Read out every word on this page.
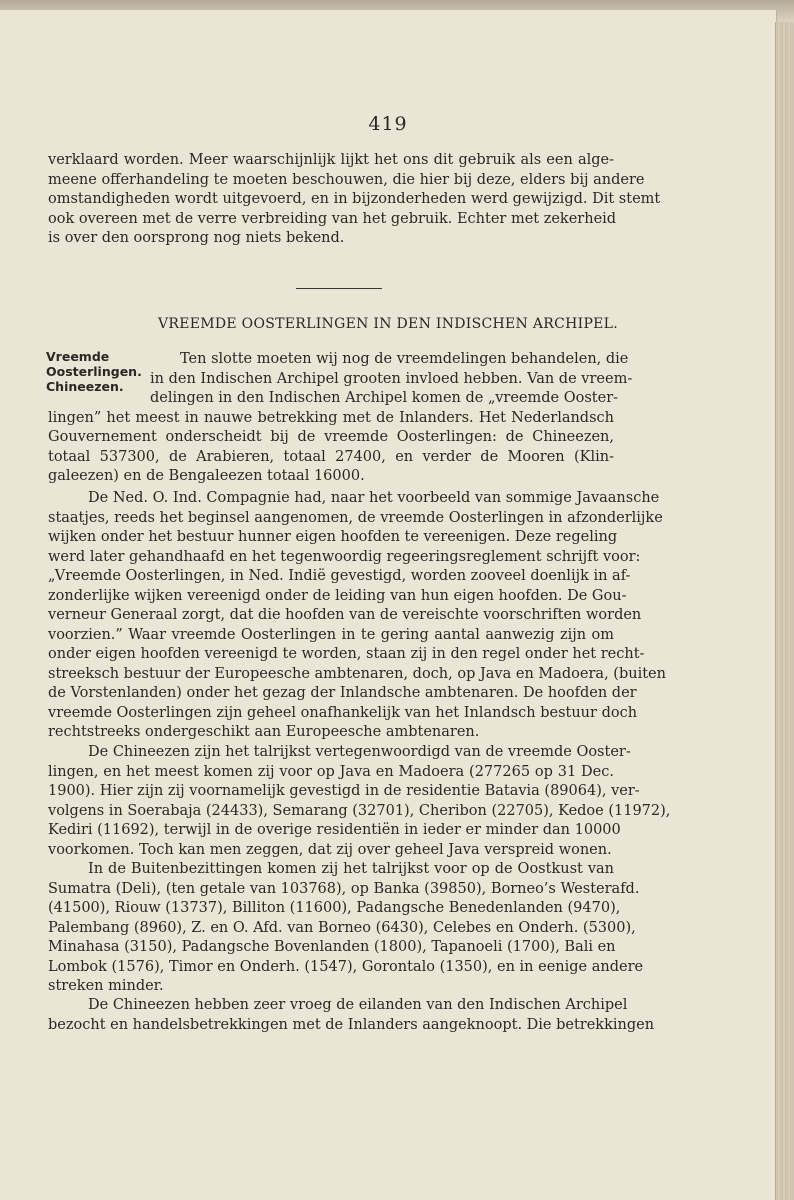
419
verklaard worden. Meer waarschijnlijk lijkt het ons dit gebruik als een alge-
meene offerhandeling te moeten beschouwen, die hier bij deze, elders bij andere
omstandigheden wordt uitgevoerd, en in bijzonderheden werd gewijzigd. Dit stemt
ook overeen met de verre verbreiding van het gebruik. Echter met zekerheid
is over den oorsprong nog niets bekend.
VREEMDE OOSTERLINGEN IN DEN INDISCHEN ARCHIPEL.
Vreemde Oosterlingen. Chineezen.
Ten slotte moeten wij nog de vreemdelingen behandelen, die
in den Indischen Archipel grooten invloed hebben. Van de vreem-
delingen in den Indischen Archipel komen de „vreemde Ooster-
lingen” het meest in nauwe betrekking met de Inlanders. Het Nederlandsch
Gouvernement onderscheidt bij de vreemde Oosterlingen: de Chineezen,
totaal 537300, de Arabieren, totaal 27400, en verder de Mooren (Klin-
galeezen) en de Bengaleezen totaal 16000.
De Ned. O. Ind. Compagnie had, naar het voorbeeld van sommige Javaansche
staatjes, reeds het beginsel aangenomen, de vreemde Oosterlingen in afzonderlijke
wijken onder het bestuur hunner eigen hoofden te vereenigen. Deze regeling
werd later gehandhaafd en het tegenwoordig regeeringsreglement schrijft voor:
„Vreemde Oosterlingen, in Ned. Indië gevestigd, worden zooveel doenlijk in af-
zonderlijke wijken vereenigd onder de leiding van hun eigen hoofden. De Gou-
verneur Generaal zorgt, dat die hoofden van de vereischte voorschriften worden
voorzien.” Waar vreemde Oosterlingen in te gering aantal aanwezig zijn om
onder eigen hoofden vereenigd te worden, staan zij in den regel onder het recht-
streeksch bestuur der Europeesche ambtenaren, doch, op Java en Madoera, (buiten
de Vorstenlanden) onder het gezag der Inlandsche ambtenaren. De hoofden der
vreemde Oosterlingen zijn geheel onafhankelijk van het Inlandsch bestuur doch
rechtstreeks ondergeschikt aan Europeesche ambtenaren.
De Chineezen zijn het talrijkst vertegenwoordigd van de vreemde Ooster-
lingen, en het meest komen zij voor op Java en Madoera (277265 op 31 Dec.
1900). Hier zijn zij voornamelijk gevestigd in de residentie Batavia (89064), ver-
volgens in Soerabaja (24433), Semarang (32701), Cheribon (22705), Kedoe (11972),
Kediri (11692), terwijl in de overige residentiën in ieder er minder dan 10000
voorkomen. Toch kan men zeggen, dat zij over geheel Java verspreid wonen.
In de Buitenbezittingen komen zij het talrijkst voor op de Oostkust van
Sumatra (Deli), (ten getale van 103768), op Banka (39850), Borneo’s Westerafd.
(41500), Riouw (13737), Billiton (11600), Padangsche Benedenlanden (9470),
Palembang (8960), Z. en O. Afd. van Borneo (6430), Celebes en Onderh. (5300),
Minahasa (3150), Padangsche Bovenlanden (1800), Tapanoeli (1700), Bali en
Lombok (1576), Timor en Onderh. (1547), Gorontalo (1350), en in eenige andere
streken minder.
De Chineezen hebben zeer vroeg de eilanden van den Indischen Archipel
bezocht en handelsbetrekkingen met de Inlanders aangeknoopt. Die betrekkingen
